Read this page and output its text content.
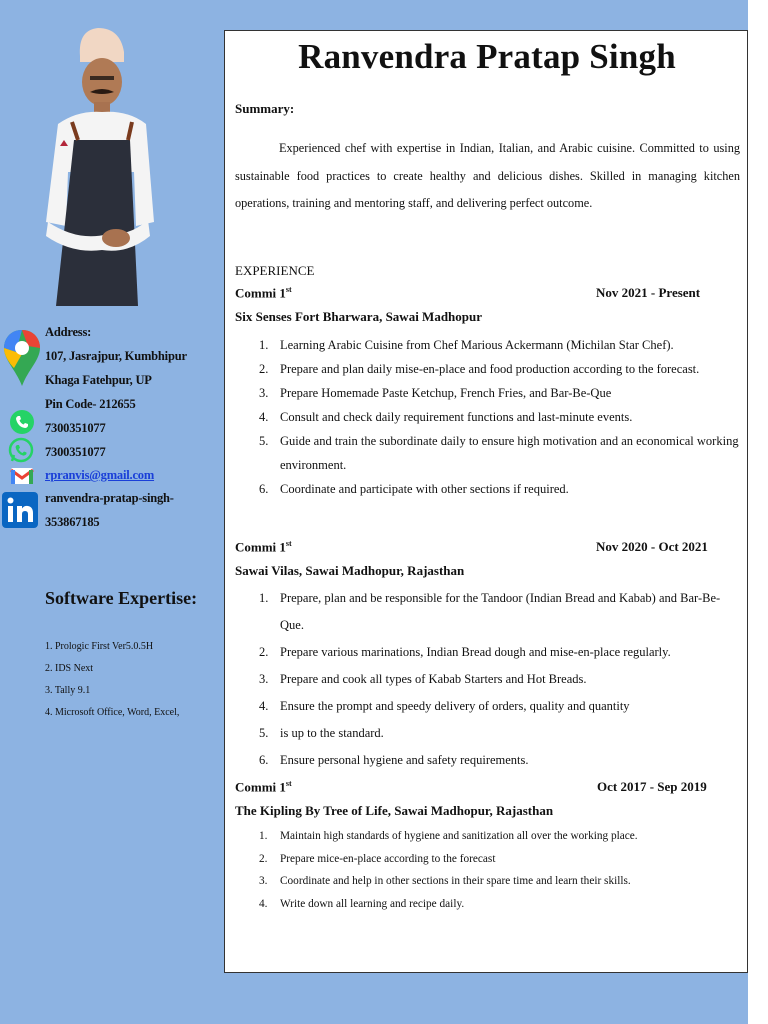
Address:
107, Jasrajpur, Kumbhipur
Khaga Fatehpur, UP
Pin Code- 212655
7300351077
7300351077
rpranvis@gmail.com
ranvendra-pratap-singh-
353867185
Software Expertise:
1. Prologic First Ver5.0.5H
2. IDS Next
3. Tally 9.1
4. Microsoft Office, Word, Excel,
Ranvendra Pratap Singh
Summary:

Experienced chef with expertise in Indian, Italian, and Arabic cuisine. Committed to using sustainable food practices to create healthy and delicious dishes. Skilled in managing kitchen operations, training and mentoring staff, and delivering perfect outcome.

EXPERIENCE
Commi 1st	Nov 2021 - Present
Six Senses Fort Bharwara, Sawai Madhopur
1. Learning Arabic Cuisine from Chef Marious Ackermann (Michilan Star Chef).
2. Prepare and plan daily mise-en-place and food production according to the forecast.
3. Prepare Homemade Paste Ketchup, French Fries, and Bar-Be-Que
4. Consult and check daily requirement functions and last-minute events.
5. Guide and train the subordinate daily to ensure high motivation and an economical working environment.
6. Coordinate and participate with other sections if required.
Commi 1st	Nov 2020 - Oct 2021
Sawai Vilas, Sawai Madhopur, Rajasthan
1. Prepare, plan and be responsible for the Tandoor (Indian Bread and Kabab) and Bar-Be-Que.
2. Prepare various marinations, Indian Bread dough and mise-en-place regularly.
3. Prepare and cook all types of Kabab Starters and Hot Breads.
4. Ensure the prompt and speedy delivery of orders, quality and quantity
5. is up to the standard.
6. Ensure personal hygiene and safety requirements.
Commi 1st	Oct 2017 - Sep 2019
The Kipling By Tree of Life, Sawai Madhopur, Rajasthan
1. Maintain high standards of hygiene and sanitization all over the working place.
2. Prepare mice-en-place according to the forecast
3. Coordinate and help in other sections in their spare time and learn their skills.
4. Write down all learning and recipe daily.
